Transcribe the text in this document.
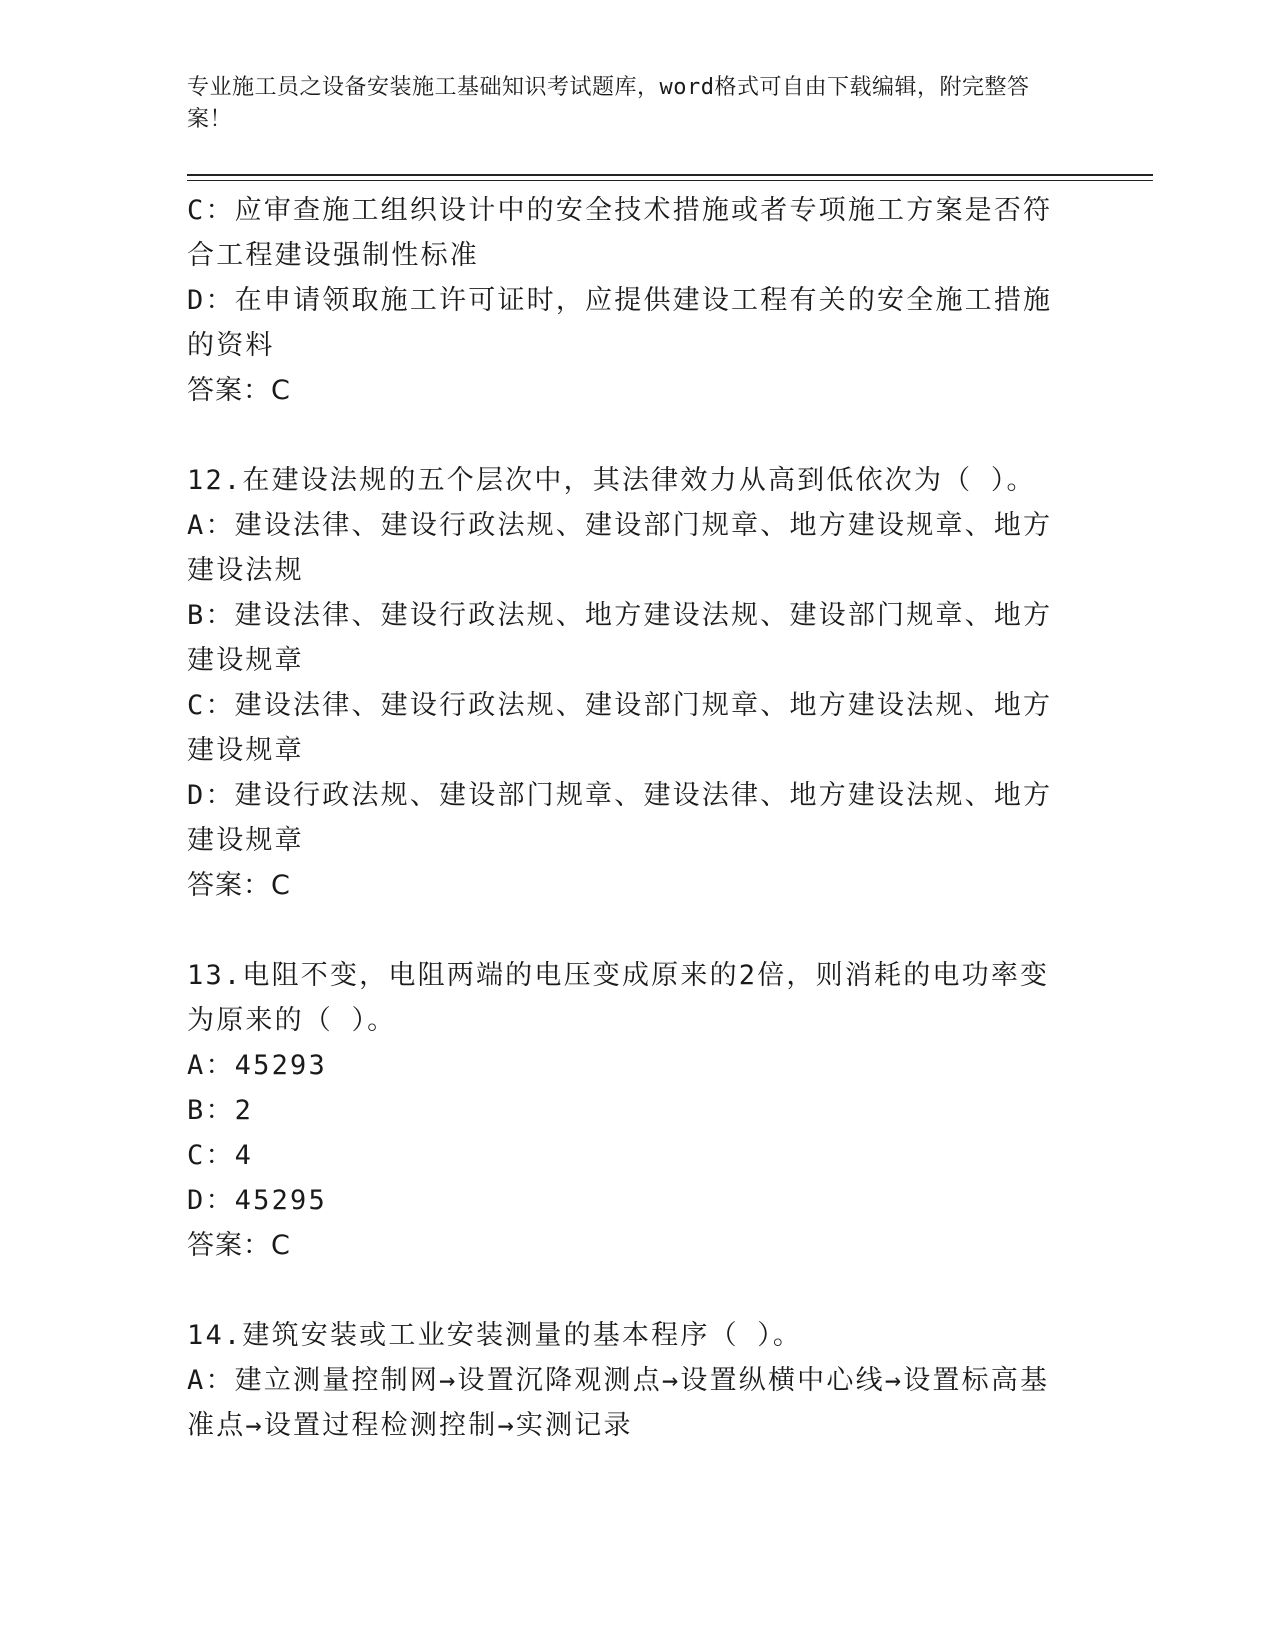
专业施工员之设备安装施工基础知识考试题库，word格式可自由下载编辑，附完整答案！
C：应审查施工组织设计中的安全技术措施或者专项施工方案是否符合工程建设强制性标准
D：在申请领取施工许可证时，应提供建设工程有关的安全施工措施的资料
答案：C
12.在建设法规的五个层次中，其法律效力从高到低依次为（ ）。
A：建设法律、建设行政法规、建设部门规章、地方建设规章、地方建设法规
B：建设法律、建设行政法规、地方建设法规、建设部门规章、地方建设规章
C：建设法律、建设行政法规、建设部门规章、地方建设法规、地方建设规章
D：建设行政法规、建设部门规章、建设法律、地方建设法规、地方建设规章
答案：C
13.电阻不变，电阻两端的电压变成原来的2倍，则消耗的电功率变为原来的（ ）。
A：45293
B：2
C：4
D：45295
答案：C
14.建筑安装或工业安装测量的基本程序（ ）。
A：建立测量控制网→设置沉降观测点→设置纵横中心线→设置标高基准点→设置过程检测控制→实测记录
